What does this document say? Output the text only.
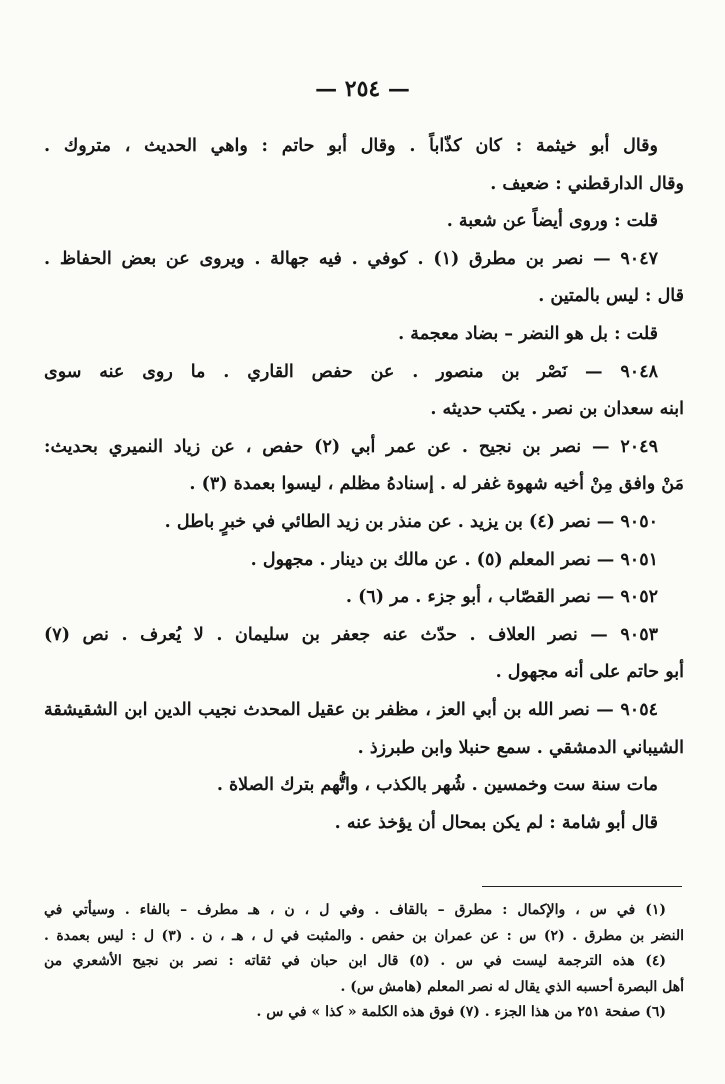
— ٢٥٤ —
وقال أبو خيثمة : كان كذّاباً . وقال أبو حاتم : واهي الحديث ، متروك .
وقال الدارقطني : ضعيف .
قلت : وروى أيضاً عن شعبة .
٩٠٤٧ — نصر بن مطرق (١) . كوفي . فيه جهالة . ويروى عن بعض الحفاظ .
قال : ليس بالمتين .
قلت : بل هو النضر – بضاد معجمة .
٩٠٤٨ — نَصْر بن منصور . عن حفص القاري . ما روى عنه سوى
ابنه سعدان بن نصر . يكتب حديثه .
٢٠٤٩ — نصر بن نجيح . عن عمر أبي (٢) حفص ، عن زياد النميري بحديث:
مَنْ وافق مِنْ أخيه شهوة غفر له . إسنادهُ مظلم ، ليسوا بعمدة (٣) .
٩٠٥٠ — نصر (٤) بن يزيد . عن منذر بن زيد الطائي في خبرٍ باطل .
٩٠٥١ — نصر المعلم (٥) . عن مالك بن دينار . مجهول .
٩٠٥٢ — نصر القصّاب ، أبو جزء . مر (٦) .
٩٠٥٣ — نصر العلاف . حدّث عنه جعفر بن سليمان . لا يُعرف . نص (٧)
أبو حاتم على أنه مجهول .
٩٠٥٤ — نصر الله بن أبي العز ، مظفر بن عقيل المحدث نجيب الدين ابن الشقيشقة
الشيباني الدمشقي . سمع حنبلا وابن طبرزذ .
مات سنة ست وخمسين . شُهر بالكذب ، واتُّهم بترك الصلاة .
قال أبو شامة : لم يكن بمحال أن يؤخذ عنه .
(١) في س ، والإكمال : مطرق – بالقاف . وفي ل ، ن ، هـ مطرف – بالفاء . وسيأتي في
النضر بن مطرق . (٢) س : عن عمران بن حفص . والمثبت في ل ، هـ ، ن . (٣) ل : ليس بعمدة .
(٤) هذه الترجمة ليست في س . (٥) قال ابن حبان في ثقاته : نصر بن نجيح الأشعري من
أهل البصرة أحسبه الذي يقال له نصر المعلم (هامش س) .
(٦) صفحة ٢٥١ من هذا الجزء . (٧) فوق هذه الكلمة « كذا » في س .
